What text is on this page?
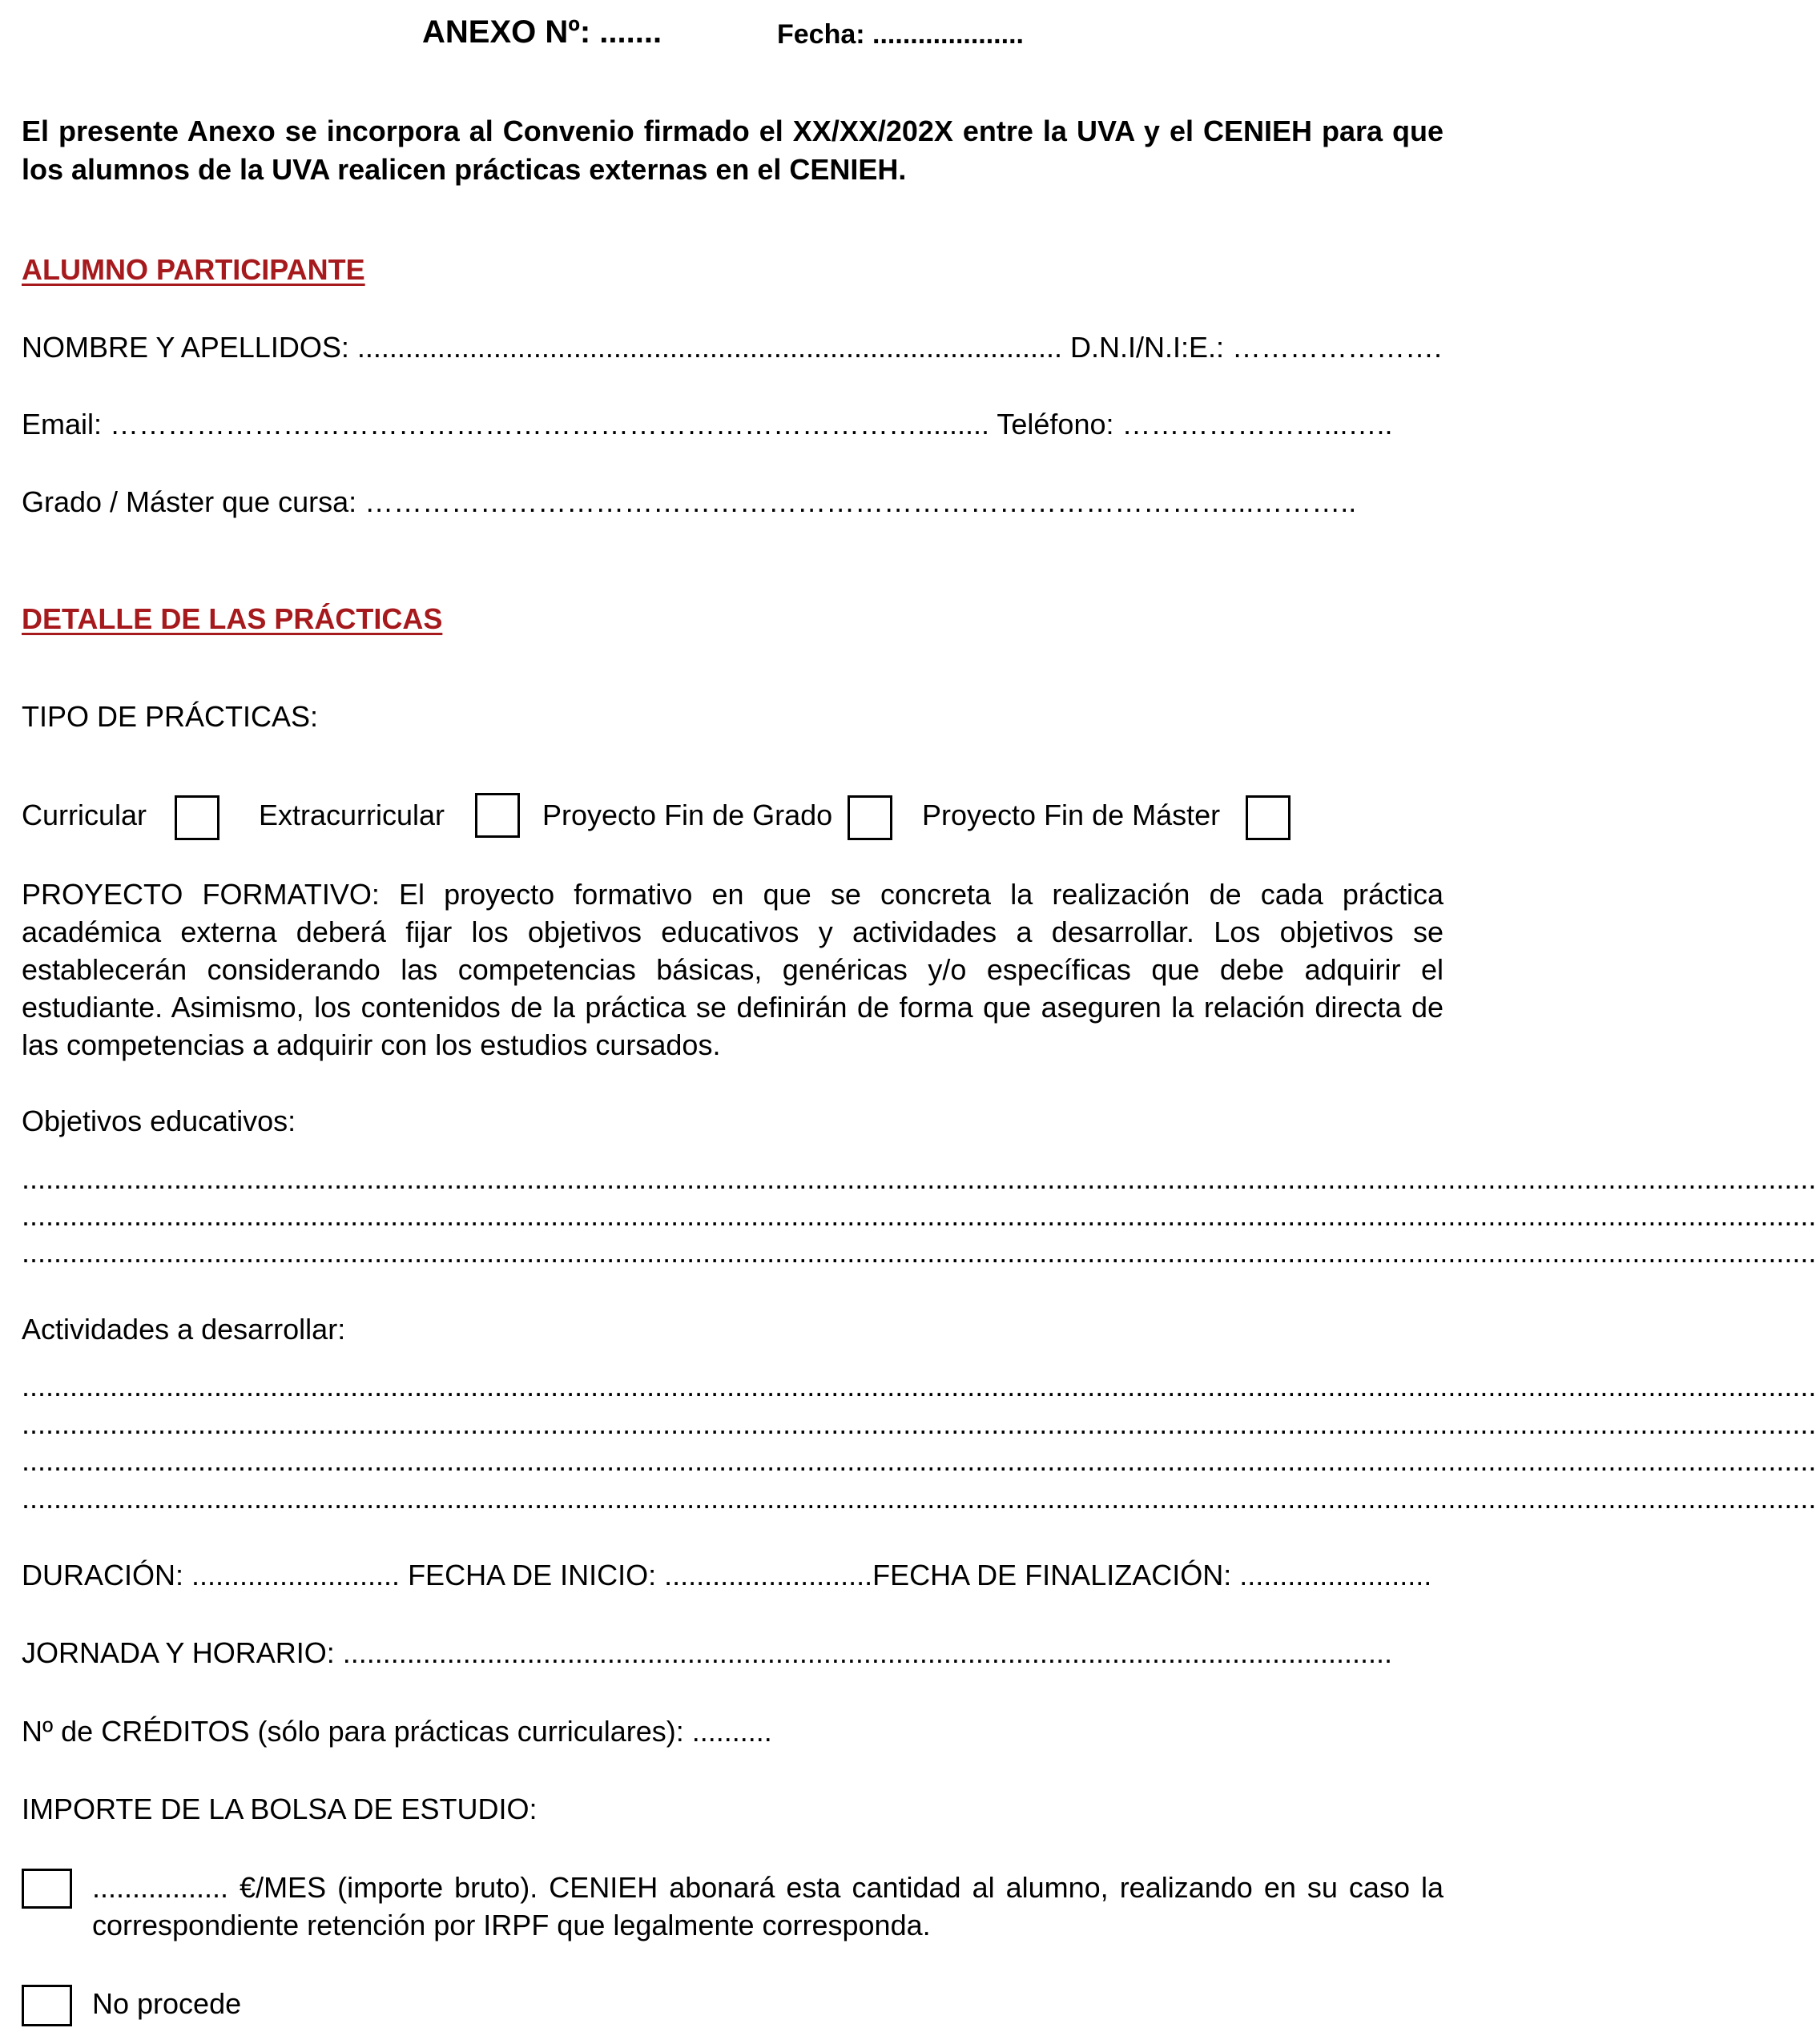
ANEXO Nº: .......	Fecha: ....................
El presente Anexo se incorpora al Convenio firmado el XX/XX/202X entre la UVA y el CENIEH para que los alumnos de la UVA realicen prácticas externas en el CENIEH.
ALUMNO PARTICIPANTE
NOMBRE Y APELLIDOS: ........................................................................................ D.N.I/N.I:E.: ………………….
Email: …………………………………………………………………………......... Teléfono: …………………...…..
Grado / Máster que cursa: ………………………………………………………………………………...………..
DETALLE DE LAS PRÁCTICAS
TIPO DE PRÁCTICAS:
Curricular	Extracurricular	Proyecto Fin de Grado	Proyecto Fin de Máster
PROYECTO FORMATIVO: El proyecto formativo en que se concreta la realización de cada práctica académica externa deberá fijar los objetivos educativos y actividades a desarrollar. Los objetivos se establecerán considerando las competencias básicas, genéricas y/o específicas que debe adquirir el estudiante. Asimismo, los contenidos de la práctica se definirán de forma que aseguren la relación directa de las competencias a adquirir con los estudios cursados.
Objetivos educativos:
................................................................................................................................................................................................................................
................................................................................................................................................................................................................................
................................................................................................................................................................................................................................
Actividades a desarrollar:
................................................................................................................................................................................................................................
................................................................................................................................................................................................................................
................................................................................................................................................................................................................................
................................................................................................................................................................................................................................
DURACIÓN: .......................... FECHA DE INICIO: ..........................FECHA DE FINALIZACIÓN: ........................
JORNADA Y HORARIO: ...................................................................................................................................
Nº de CRÉDITOS (sólo para prácticas curriculares): ..........
IMPORTE DE LA BOLSA DE ESTUDIO:
................. €/MES (importe bruto). CENIEH abonará esta cantidad al alumno, realizando en su caso la correspondiente retención por IRPF que legalmente corresponda.
No procede
